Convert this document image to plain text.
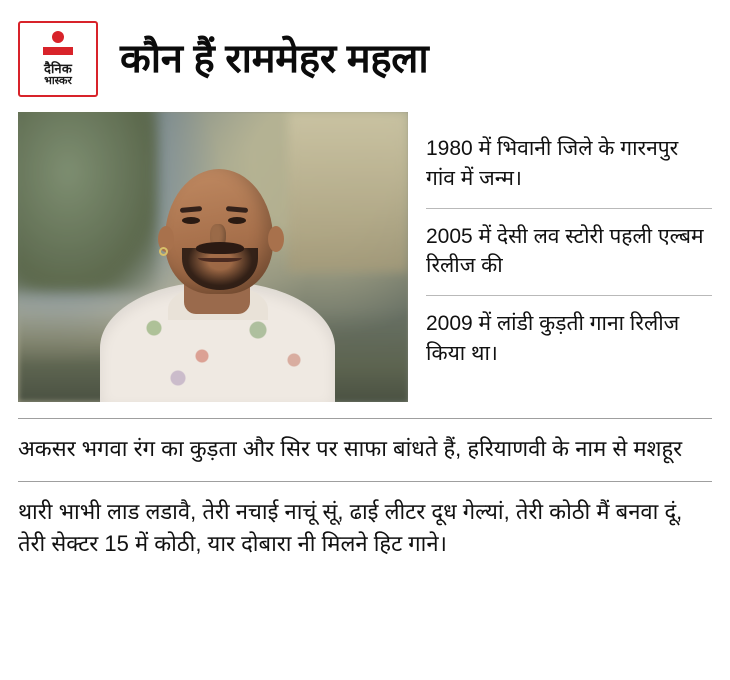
दैनिक
भास्कर
कौन हैं राममेहर महला
1980 में भिवानी जिले के गारनपुर गांव में जन्म।
2005 में देसी लव स्टोरी पहली एल्बम रिलीज की
2009 में लांडी कुड़ती गाना रिलीज किया था।
अकसर भगवा रंग का कुड़ता और सिर पर साफा बांधते हैं, हरियाणवी के नाम से मशहूर
थारी भाभी लाड लडावै, तेरी नचाई नाचूं सूं, ढाई लीटर दूध गेल्यां, तेरी कोठी मैं बनवा दूं, तेरी सेक्टर 15 में कोठी, यार दोबारा नी मिलने हिट गाने।
